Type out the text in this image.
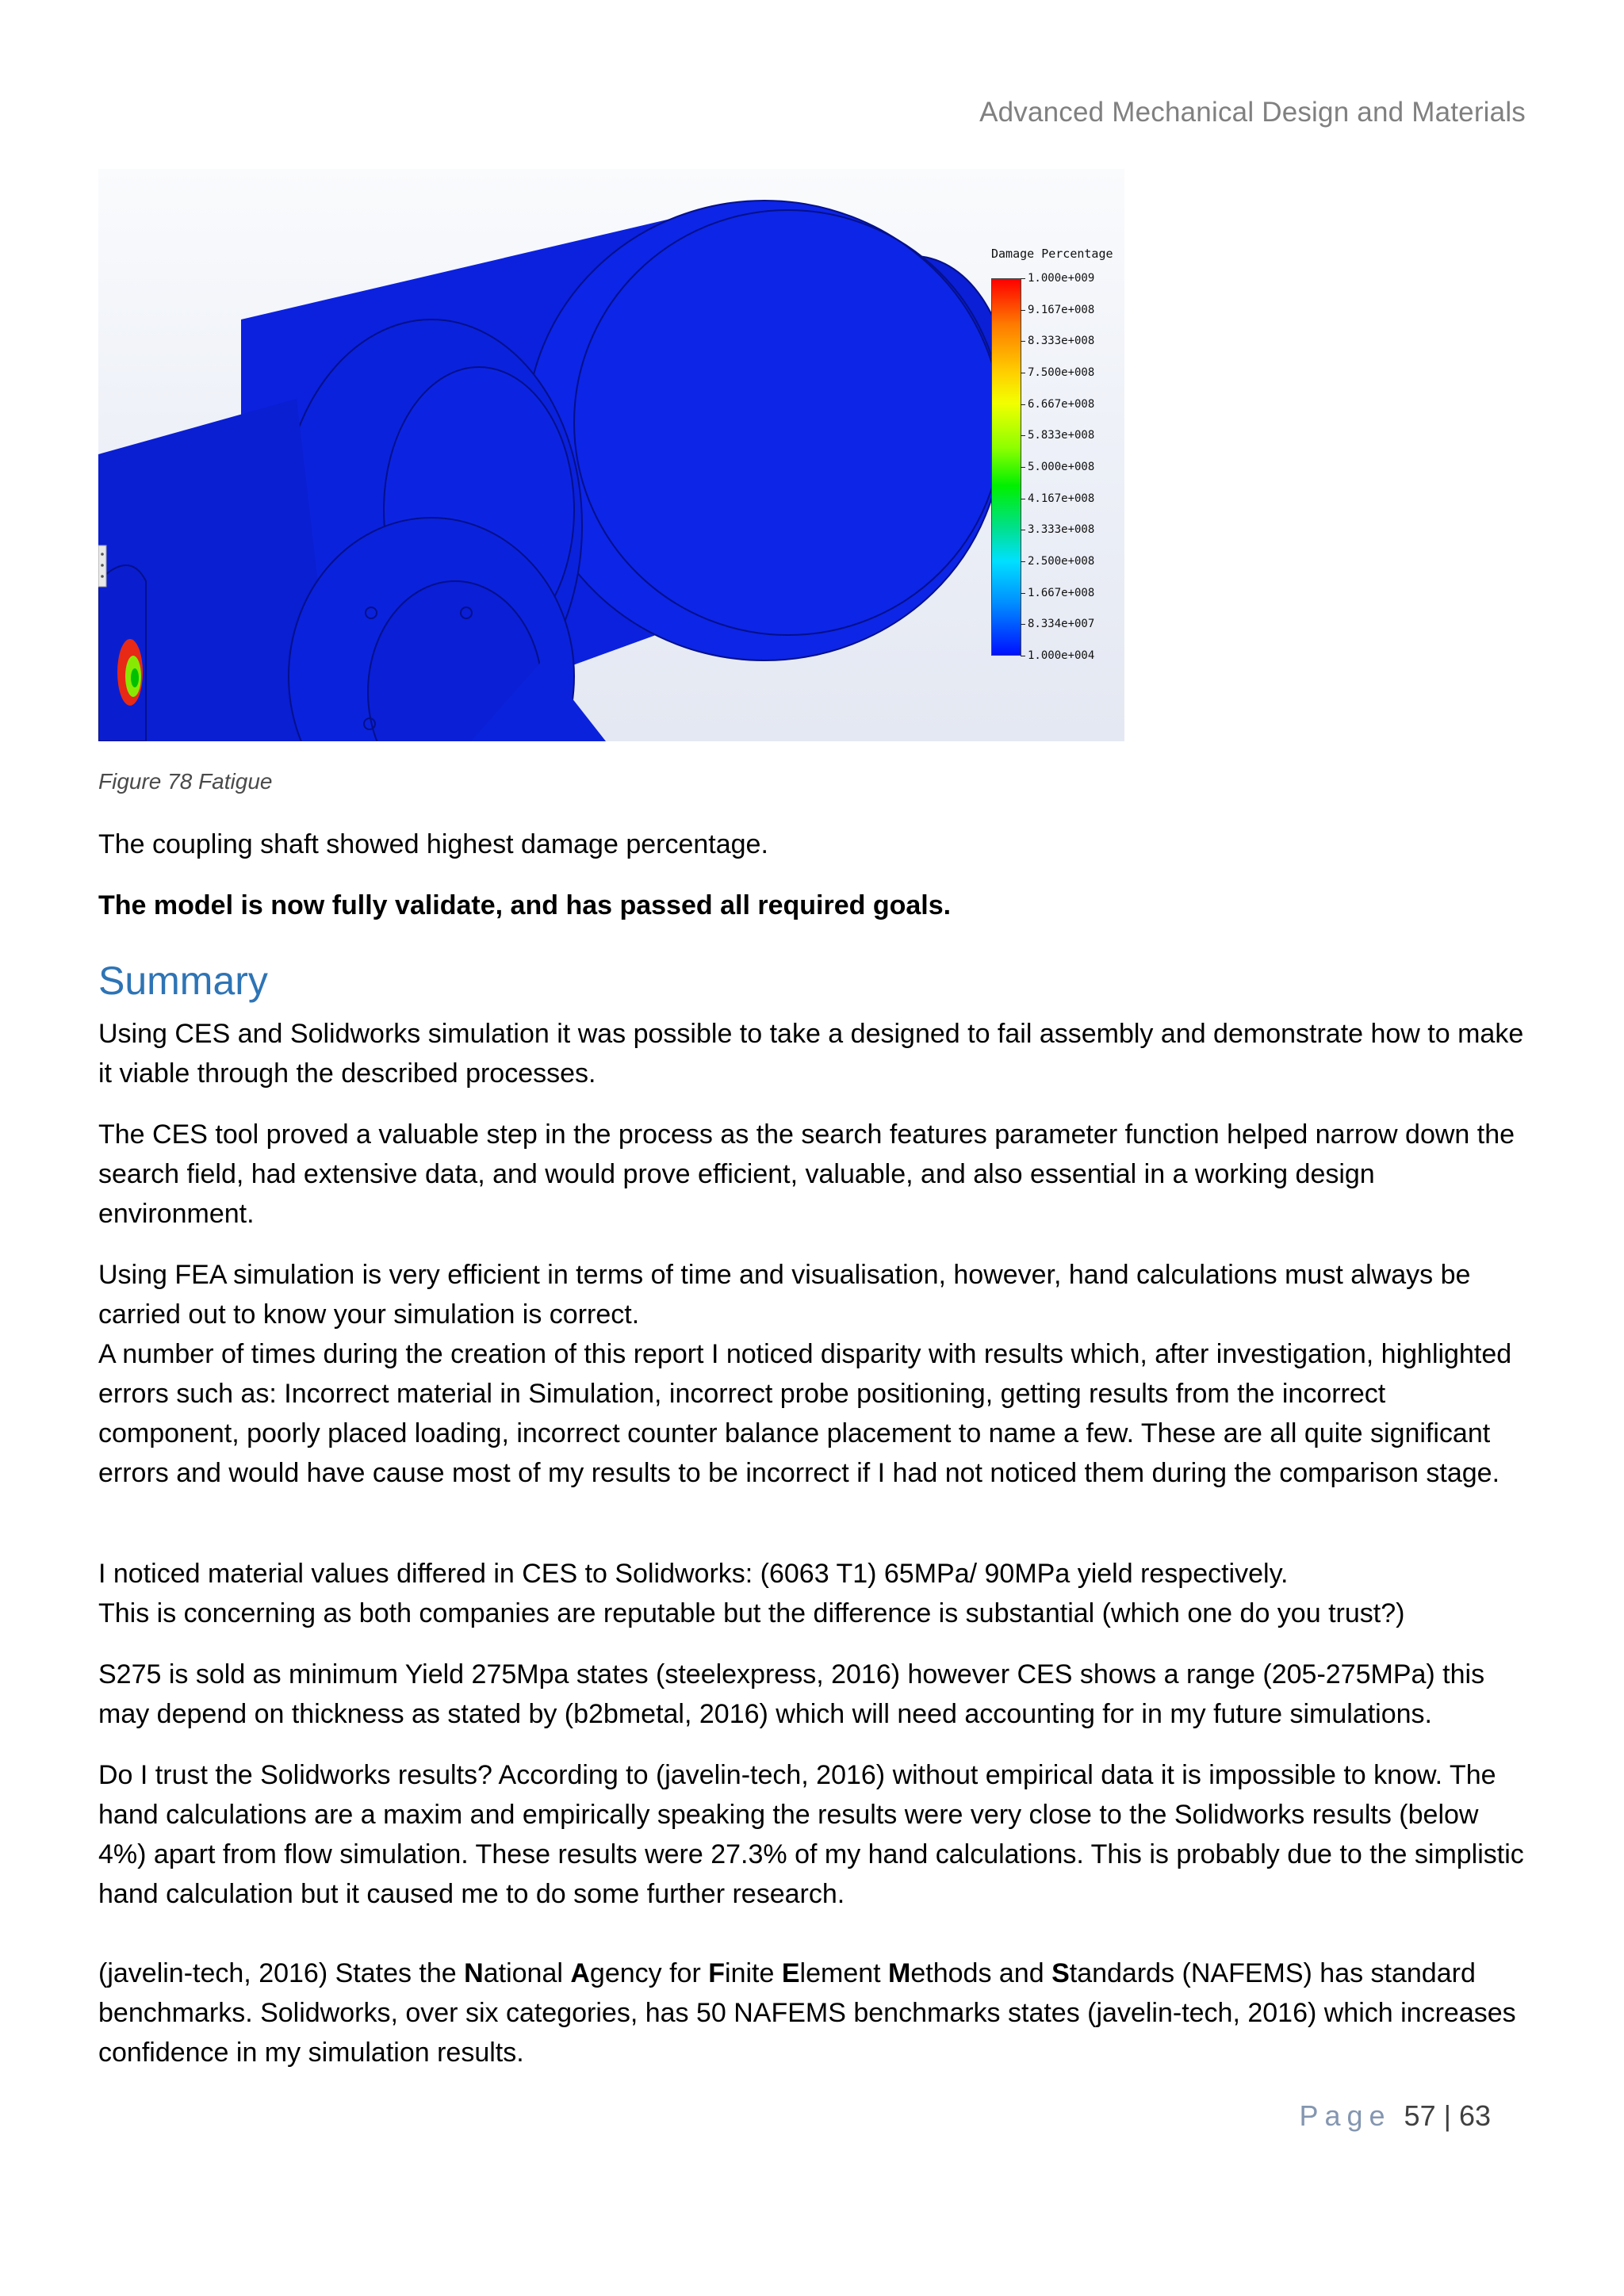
Advanced Mechanical Design and Materials
Damage Percentage
1.000e+009
9.167e+008
8.333e+008
7.500e+008
6.667e+008
5.833e+008
5.000e+008
4.167e+008
3.333e+008
2.500e+008
1.667e+008
8.334e+007
1.000e+004
Figure 78 Fatigue

The coupling shaft showed highest damage percentage.

The model is now fully validate, and has passed all required goals.

Summary

Using CES and Solidworks simulation it was possible to take a designed to fail assembly and demonstrate how to make it viable through the described processes.

The CES tool proved a valuable step in the process as the search features parameter function helped narrow down the search field, had extensive data, and would prove efficient, valuable, and also essential in a working design environment.

Using FEA simulation is very efficient in terms of time and visualisation, however, hand calculations must always be carried out to know your simulation is correct.
A number of times during the creation of this report I noticed disparity with results which, after investigation, highlighted errors such as: Incorrect material in Simulation, incorrect probe positioning, getting results from the incorrect component, poorly placed loading, incorrect counter balance placement to name a few. These are all quite significant errors and would have cause most of my results to be incorrect if I had not noticed them during the comparison stage.

I noticed material values differed in CES to Solidworks: (6063 T1) 65MPa/ 90MPa yield respectively.
This is concerning as both companies are reputable but the difference is substantial (which one do you trust?)

S275 is sold as minimum Yield 275Mpa states (steelexpress, 2016) however CES shows a range (205-275MPa) this may depend on thickness as stated by (b2bmetal, 2016) which will need accounting for in my future simulations.

Do I trust the Solidworks results? According to (javelin-tech, 2016) without empirical data it is impossible to know. The hand calculations are a maxim and empirically speaking the results were very close to the Solidworks results (below 4%) apart from flow simulation. These results were 27.3% of my hand calculations. This is probably due to the simplistic hand calculation but it caused me to do some further research.

(javelin-tech, 2016) States the National Agency for Finite Element Methods and Standards (NAFEMS) has standard benchmarks. Solidworks, over six categories, has 50 NAFEMS benchmarks states (javelin-tech, 2016) which increases confidence in my simulation results.

Page 57 | 63
